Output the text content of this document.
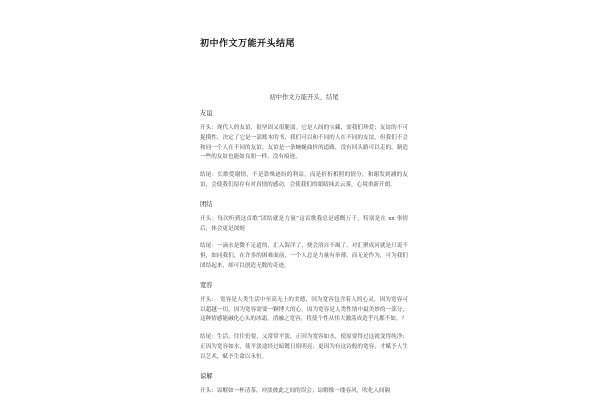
初中作文万能开头结尾
初中作文万能开头、结尾
友谊

开头：现代人的友谊，很坚固又很脆弱。它是人间的宝藏，需我们珍爱；友谊的不可捉摸性，决定了它是一部账本的书，我们可以和不同的人在不同的友谊，但我们不会和同一个人在不同的友谊。友谊是一条蜿蜒曲折的道路，没有回头路可以走的，制造一些的友谊也能如良朋一样，没有痕迹。

结尾：长歌爱谢情，不是靠殊迹纷的利益，而是折折相照的情分，和谢发到涵的友谊，会使我们留存有对真情的感动，会使我们的眼睛抹去云雾，心境重新开朗。

团结

开头：每次听到这首歌“团结就是力量”这首歌我总是感慨万千，特别是在 xx 事情后，体会更是深刻

结尾：一滴水是微不足道的，汇入海洋了，便会溶自不竭了。对汇聚成河就是只说不惧，如同我们，在许多的困难面前，一个人总是力量有单薄，而无论作为，可为我们团结起来，却可以创造无数的奇迹。

宽容

开头：　宽容是人类生活中至高无上的美德，因为宽容包含着人的心灵，因为宽容可以超越一切，因为宽容需要一颗博大的心。因为宽容是人类性情中最美妙的一部分，这种情感能融化心头的冰霜，消融之宽容，将使个性从伟大激荡成造乎凡都不如。？

结尾：生活，往往仍要，又常常平淡，正因为宽容如水，使原要得过这就变得纯净；正因为宽容如水，使平淡途经过暗镀日焰明亮；更因为有这诗般的宽容，才赋予人生以艺术，赋予生命以永恒。

谅解

开头：谅解如一杯清茶，冲淡彼此之间的误会；谅解像一缕春风，吹化人间隔
